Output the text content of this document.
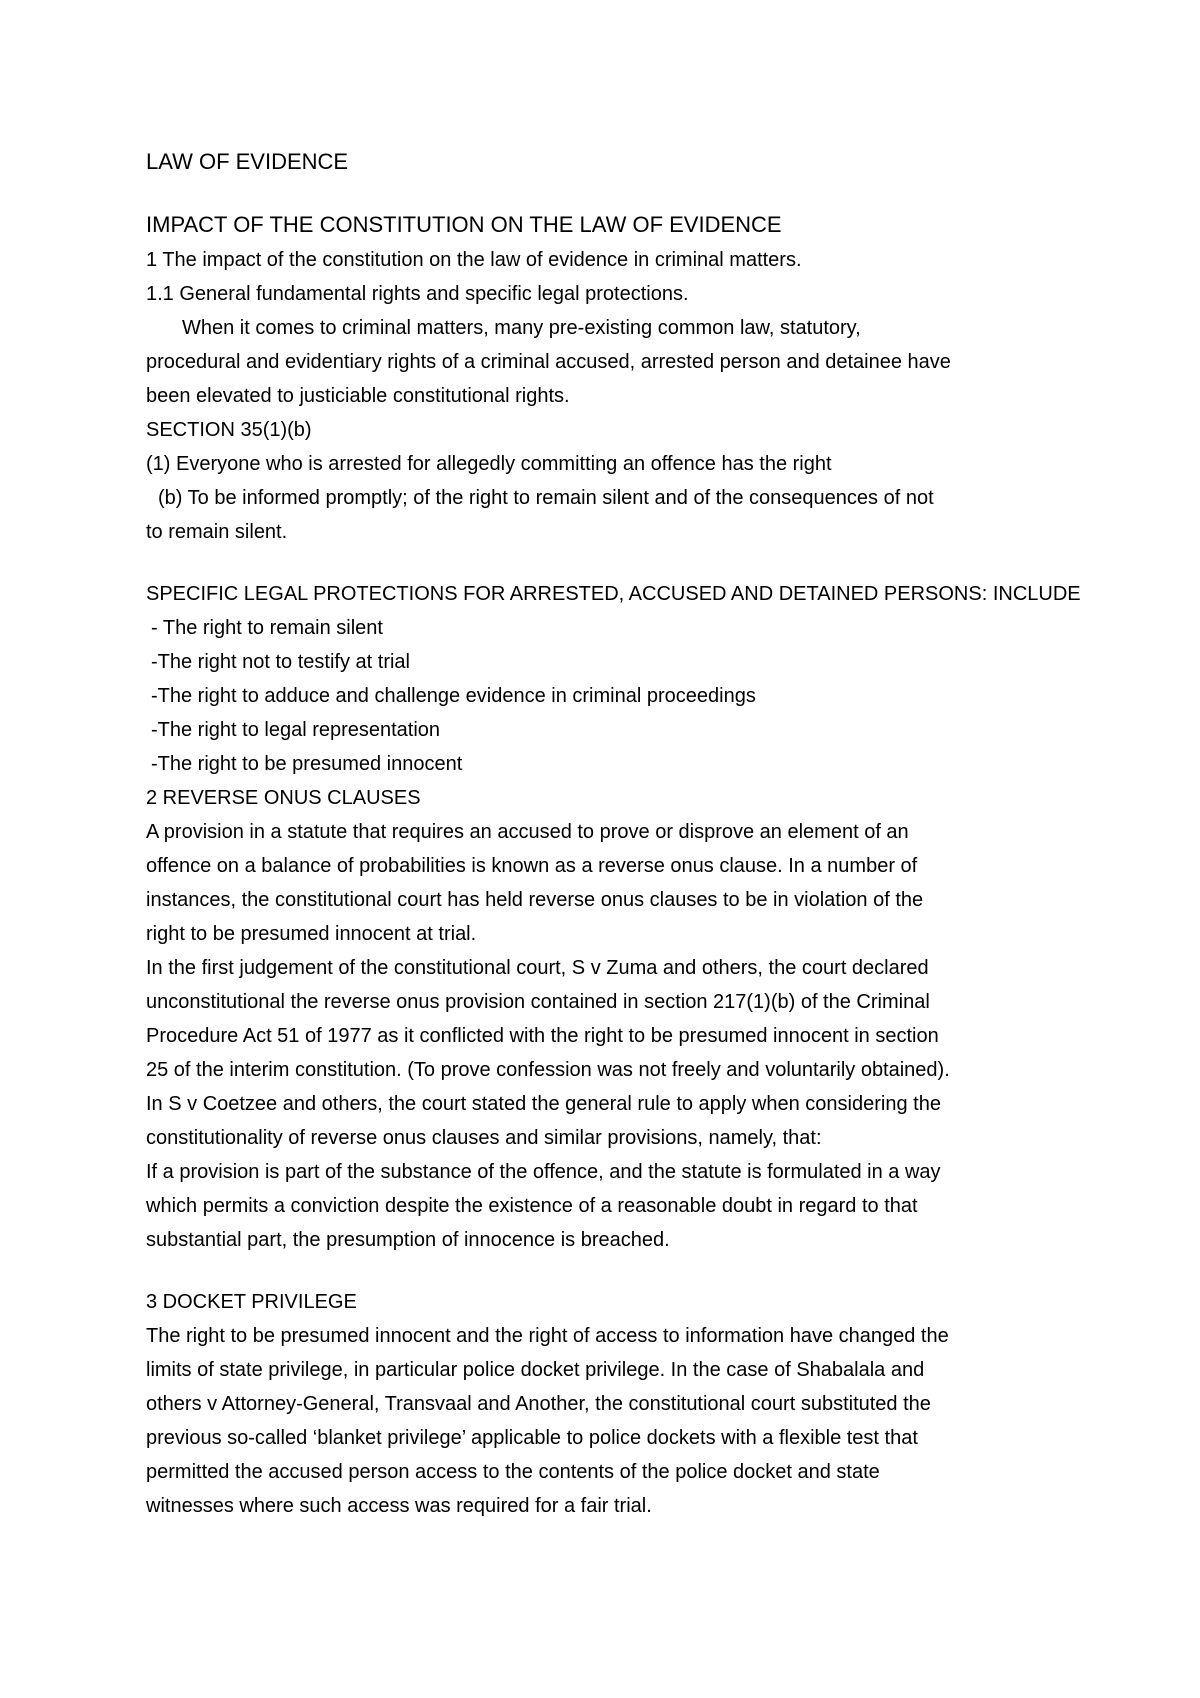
LAW OF EVIDENCE
IMPACT OF THE CONSTITUTION ON THE LAW OF EVIDENCE
1 The impact of the constitution on the law of evidence in criminal matters.
1.1 General fundamental rights and specific legal protections.
When it comes to criminal matters, many pre-existing common law, statutory,
procedural and evidentiary rights of a criminal accused, arrested person and detainee have
been elevated to justiciable constitutional rights.
SECTION 35(1)(b)
(1) Everyone who is arrested for allegedly committing an offence has the right
(b) To be informed promptly; of the right to remain silent and of the consequences of not
to remain silent.
SPECIFIC LEGAL PROTECTIONS FOR ARRESTED, ACCUSED AND DETAINED PERSONS: INCLUDE
- The right to remain silent
-The right not to testify at trial
-The right to adduce and challenge evidence in criminal proceedings
-The right to legal representation
-The right to be presumed innocent
2 REVERSE ONUS CLAUSES
A provision in a statute that requires an accused to prove or disprove an element of an
offence on a balance of probabilities is known as a reverse onus clause. In a number of
instances, the constitutional court has held reverse onus clauses to be in violation of the
right to be presumed innocent at trial.
In the first judgement of the constitutional court, S v Zuma and others, the court declared
unconstitutional the reverse onus provision contained in section 217(1)(b) of the Criminal
Procedure Act 51 of 1977 as it conflicted with the right to be presumed innocent in section
25 of the interim constitution. (To prove confession was not freely and voluntarily obtained).
In S v Coetzee and others, the court stated the general rule to apply when considering the
constitutionality of reverse onus clauses and similar provisions, namely, that:
If a provision is part of the substance of the offence, and the statute is formulated in a way
which permits a conviction despite the existence of a reasonable doubt in regard to that
substantial part, the presumption of innocence is breached.
3 DOCKET PRIVILEGE
The right to be presumed innocent and the right of access to information have changed the
limits of state privilege, in particular police docket privilege. In the case of Shabalala and
others v Attorney-General, Transvaal and Another, the constitutional court substituted the
previous so-called ‘blanket privilege’ applicable to police dockets with a flexible test that
permitted the accused person access to the contents of the police docket and state
witnesses where such access was required for a fair trial.
